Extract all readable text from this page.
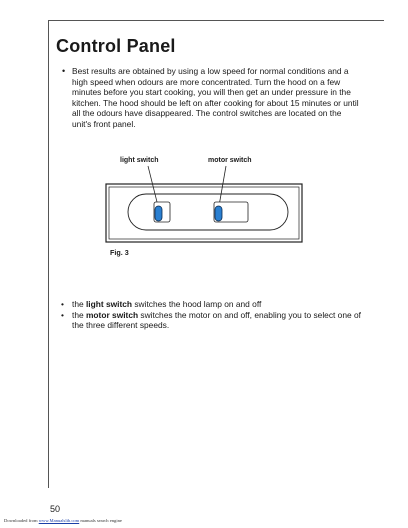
Control Panel
• Best results are obtained by using a low speed for normal conditions and a high speed when odours are more concentrated. Turn the hood on a few minutes before you start cooking, you will then get an under pressure in the kitchen. The hood should be left on after cooking for about 15 minutes or until all the odours have disappeared. The control switches are located on the unit's front panel.
light switch	motor switch
Fig. 3
• the light switch switches the hood lamp on and off
• the motor switch switches the motor on and off, enabling you to select one of the three different speeds.
50
Downloaded from www.Manualslib.com manuals search engine
